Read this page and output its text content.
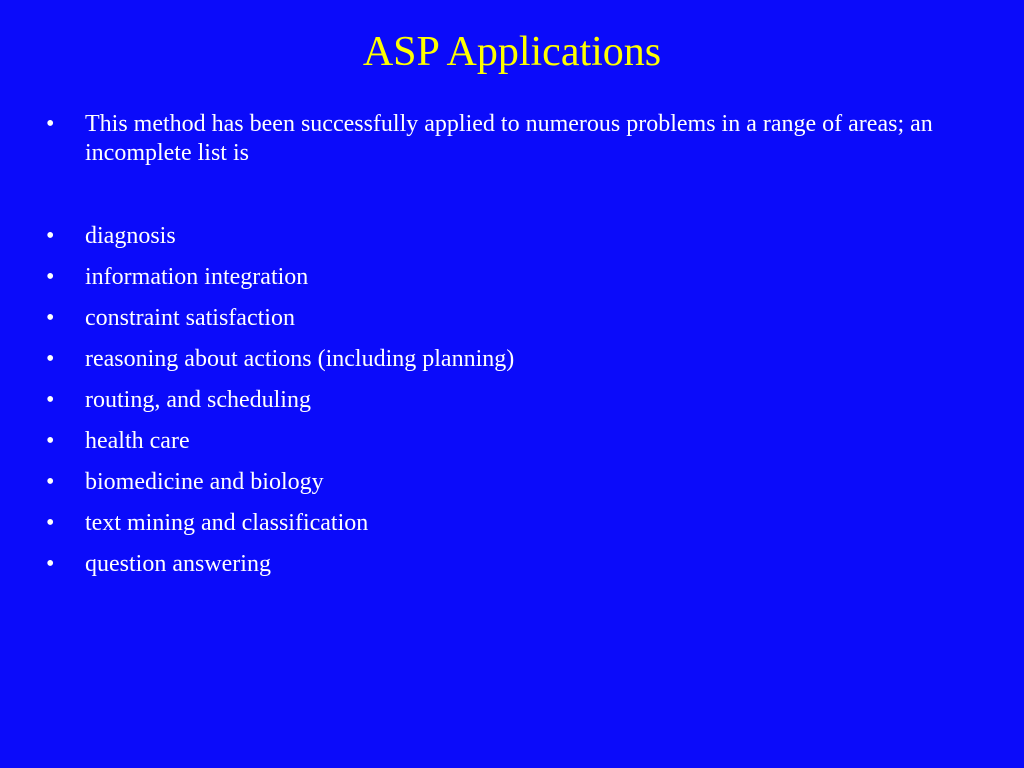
ASP Applications
•	This method has been successfully applied to numerous problems in a range of areas; an incomplete list is
•	diagnosis
•	information integration
•	constraint satisfaction
•	reasoning about actions (including planning)
•	routing, and scheduling
•	health care
•	biomedicine and biology
•	text mining and classification
•	question answering
